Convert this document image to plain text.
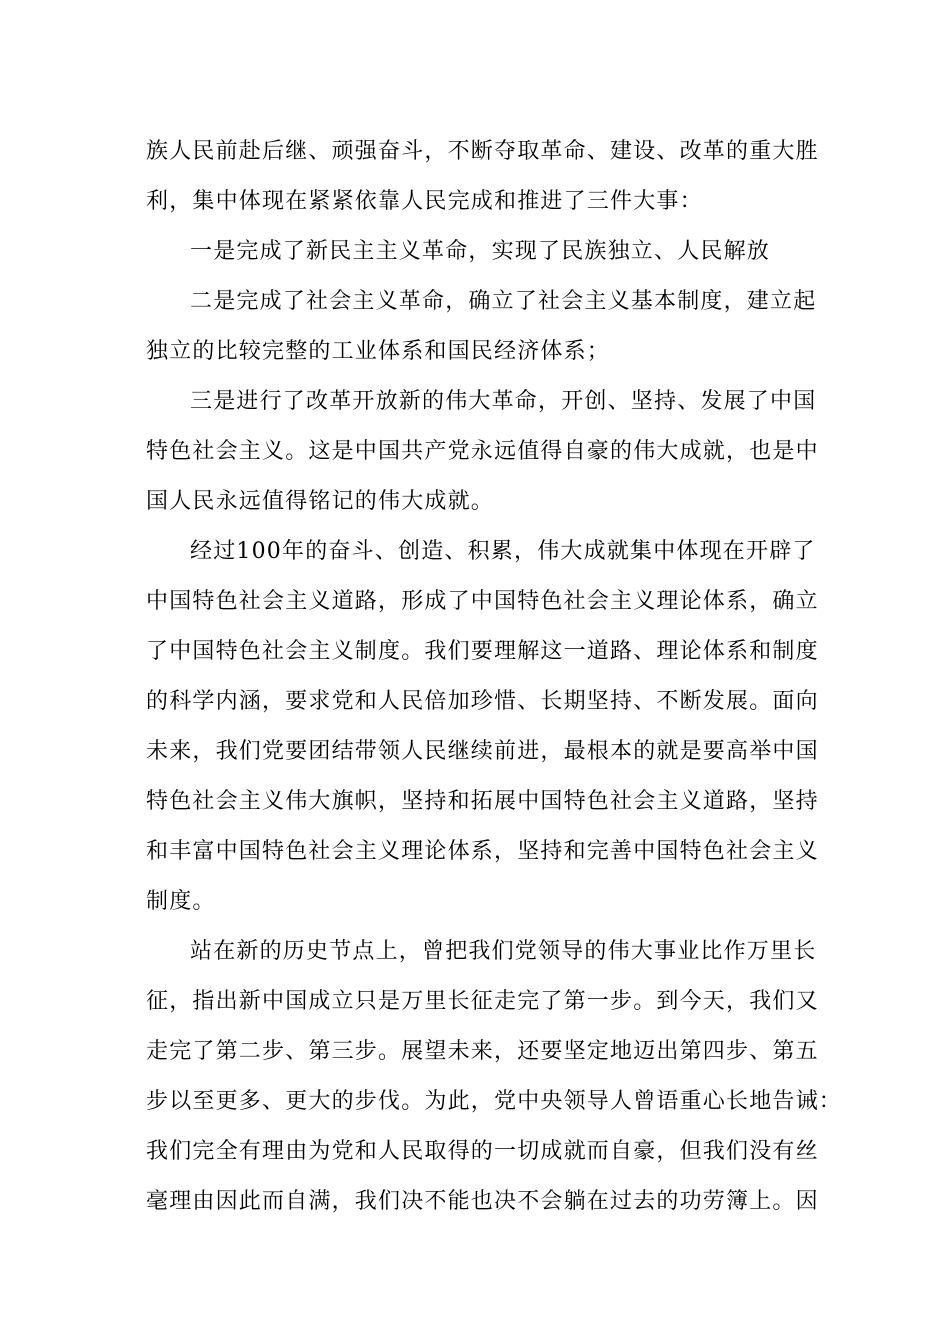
族人民前赴后继、顽强奋斗，不断夺取革命、建设、改革的重大胜

利，集中体现在紧紧依靠人民完成和推进了三件大事：

一是完成了新民主主义革命，实现了民族独立、人民解放

二是完成了社会主义革命，确立了社会主义基本制度，建立起

独立的比较完整的工业体系和国民经济体系；

三是进行了改革开放新的伟大革命，开创、坚持、发展了中国

特色社会主义。这是中国共产党永远值得自豪的伟大成就，也是中

国人民永远值得铭记的伟大成就。

经过100年的奋斗、创造、积累，伟大成就集中体现在开辟了

中国特色社会主义道路，形成了中国特色社会主义理论体系，确立

了中国特色社会主义制度。我们要理解这一道路、理论体系和制度

的科学内涵，要求党和人民倍加珍惜、长期坚持、不断发展。面向

未来，我们党要团结带领人民继续前进，最根本的就是要高举中国

特色社会主义伟大旗帜，坚持和拓展中国特色社会主义道路，坚持

和丰富中国特色社会主义理论体系，坚持和完善中国特色社会主义

制度。

站在新的历史节点上，曾把我们党领导的伟大事业比作万里长

征，指出新中国成立只是万里长征走完了第一步。到今天，我们又

走完了第二步、第三步。展望未来，还要坚定地迈出第四步、第五

步以至更多、更大的步伐。为此，党中央领导人曾语重心长地告诫：

我们完全有理由为党和人民取得的一切成就而自豪，但我们没有丝

毫理由因此而自满，我们决不能也决不会躺在过去的功劳簿上。因
